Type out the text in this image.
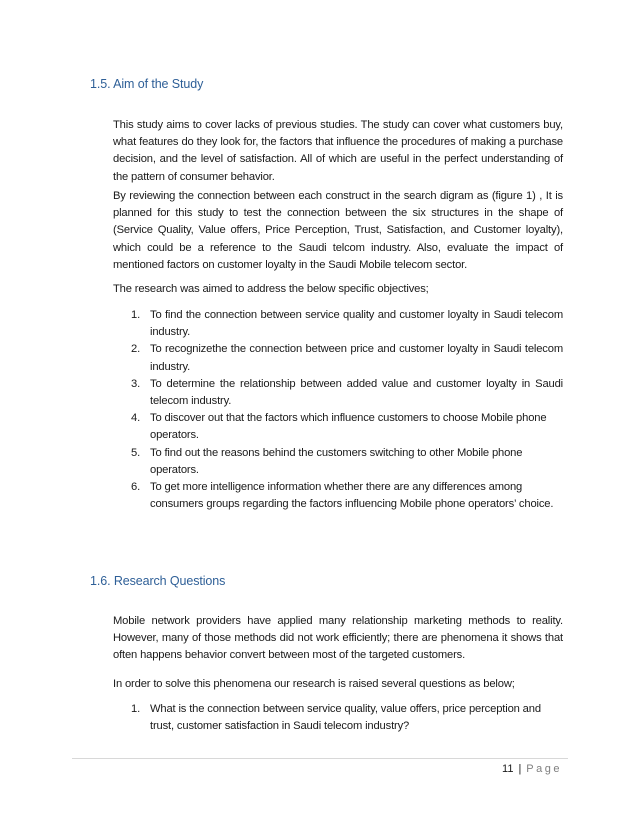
1.5. Aim of the Study

This study aims to cover lacks of previous studies. The study can cover what customers buy, what features do they look for, the factors that influence the procedures of making a purchase decision, and the level of satisfaction. All of which are useful in the perfect understanding of the pattern of consumer behavior.

By reviewing the connection between each construct in the search digram as (figure 1) , It is planned for this study to test the connection between the six structures in the shape of (Service Quality, Value offers, Price Perception, Trust, Satisfaction, and Customer loyalty), which could be a reference to the Saudi telcom industry. Also, evaluate the impact of mentioned factors on customer loyalty in the Saudi Mobile telecom sector.

The research was aimed to address the below specific objectives;

1. To find the connection between service quality and customer loyalty in Saudi telecom industry.
2. To recognizethe the connection between price and customer loyalty in Saudi telecom industry.
3. To determine the relationship between added value and customer loyalty in Saudi telecom industry.
4. To discover out that the factors which influence customers to choose Mobile phone operators.
5. To find out the reasons behind the customers switching to other Mobile phone operators.
6. To get more intelligence information whether there are any differences among consumers groups regarding the factors influencing Mobile phone operators’ choice.
1.6. Research Questions

Mobile network providers have applied many relationship marketing methods to reality. However, many of those methods did not work efficiently; there are phenomena it shows that often happens behavior convert between most of the targeted customers.

In order to solve this phenomena our research is raised several questions as below;

1. What is the connection between service quality, value offers, price perception and trust, customer satisfaction in Saudi telecom industry?
11 | Page
